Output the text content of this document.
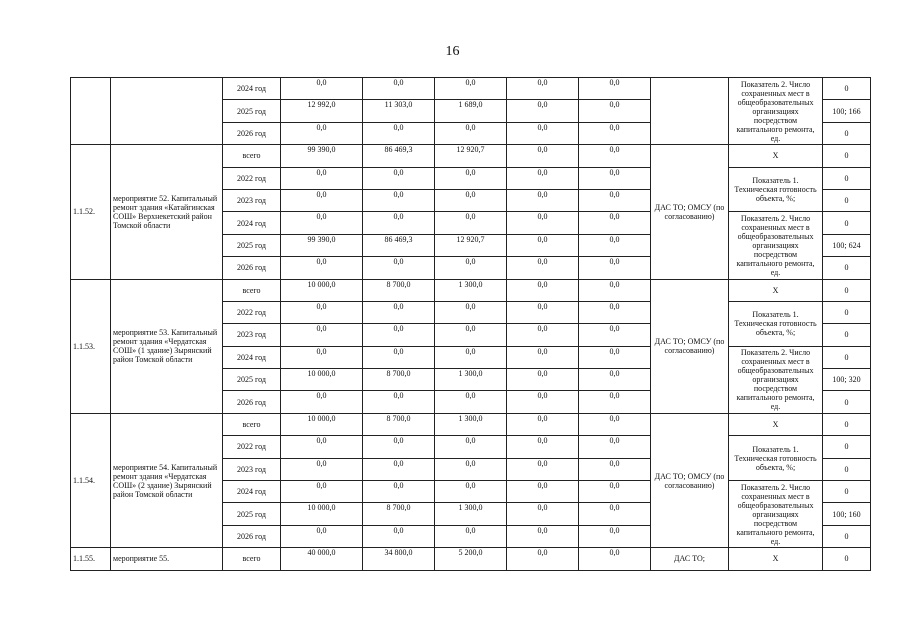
16
		2024 год	0,0	0,0	0,0	0,0	0,0		Показатель 2. Число сохраненных мест в общеобразовательных организациях посредством капитального ремонта, ед.	0
		2025 год	12 992,0	11 303,0	1 689,0	0,0	0,0			100; 166
		2026 год	0,0	0,0	0,0	0,0	0,0			0
1.1.52.	мероприятие 52. Капитальный ремонт здания «Катайгинская СОШ» Верхнекетский район Томской области	всего	99 390,0	86 469,3	12 920,7	0,0	0,0	ДАС ТО; ОМСУ (по согласованию)	X	0
		2022 год	0,0	0,0	0,0	0,0	0,0		Показатель 1. Техническая готовность объекта, %;	0
		2023 год	0,0	0,0	0,0	0,0	0,0			0
		2024 год	0,0	0,0	0,0	0,0	0,0		Показатель 2. Число сохраненных мест в общеобразовательных организациях посредством капитального ремонта, ед.	0
		2025 год	99 390,0	86 469,3	12 920,7	0,0	0,0			100; 624
		2026 год	0,0	0,0	0,0	0,0	0,0			0
1.1.53.	мероприятие 53. Капитальный ремонт здания «Чердатская СОШ» (1 здание) Зырянский район Томской области	всего	10 000,0	8 700,0	1 300,0	0,0	0,0	ДАС ТО; ОМСУ (по согласованию)	X	0
		2022 год	0,0	0,0	0,0	0,0	0,0		Показатель 1. Техническая готовность объекта, %;	0
		2023 год	0,0	0,0	0,0	0,0	0,0			0
		2024 год	0,0	0,0	0,0	0,0	0,0		Показатель 2. Число сохраненных мест в общеобразовательных организациях посредством капитального ремонта, ед.	0
		2025 год	10 000,0	8 700,0	1 300,0	0,0	0,0			100; 320
		2026 год	0,0	0,0	0,0	0,0	0,0			0
1.1.54.	мероприятие 54. Капитальный ремонт здания «Чердатская СОШ» (2 здание) Зырянский район Томской области	всего	10 000,0	8 700,0	1 300,0	0,0	0,0	ДАС ТО; ОМСУ (по согласованию)	X	0
		2022 год	0,0	0,0	0,0	0,0	0,0		Показатель 1. Техническая готовность объекта, %;	0
		2023 год	0,0	0,0	0,0	0,0	0,0			0
		2024 год	0,0	0,0	0,0	0,0	0,0		Показатель 2. Число сохраненных мест в общеобразовательных организациях посредством капитального ремонта, ед.	0
		2025 год	10 000,0	8 700,0	1 300,0	0,0	0,0			100; 160
		2026 год	0,0	0,0	0,0	0,0	0,0			0
1.1.55.	мероприятие 55.	всего	40 000,0	34 800,0	5 200,0	0,0	0,0	ДАС ТО;	X	0
